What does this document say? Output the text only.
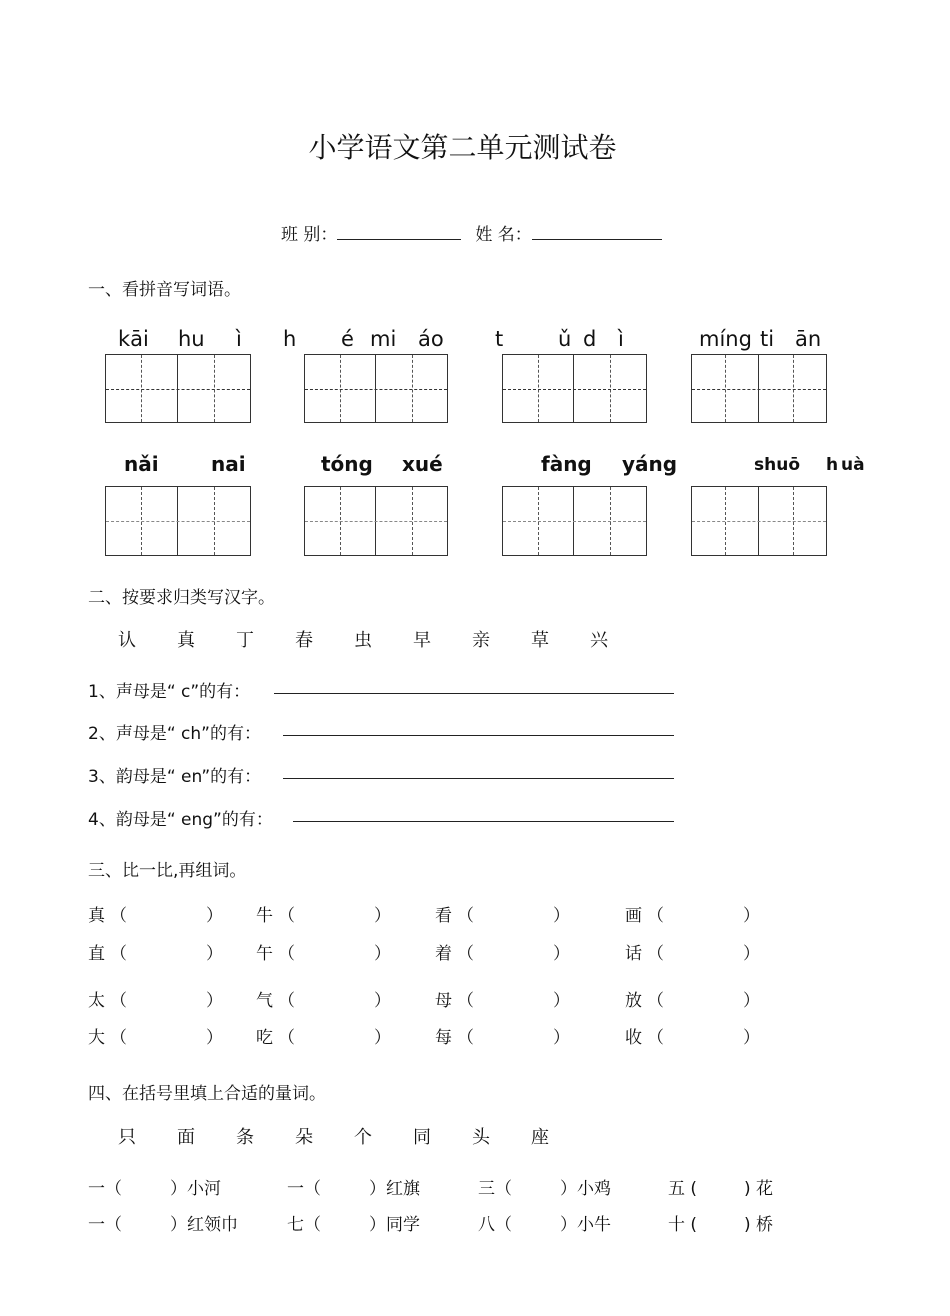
小学语文第二单元测试卷
班 别：	姓 名：
一、看拼音写词语。
kāi hu ì h é mi áo t	ǔ d ì	míng ti ān
nǎi	nai	tóng xué	fàng yáng	shuō h uà
二、按要求归类写汉字。
认	真	丁	春	虫	早	亲	草	兴
1、声母是“ c”的有：
2、声母是“ ch”的有：
3、韵母是“ en”的有：
4、韵母是“ eng”的有：
三、比一比,再组词。
真 （	） 牛 （	）	看 （	）	画 （	）
直 （	） 午 （	）	着 （	）	话 （	）
太 （	） 气 （	）	母 （	）	放 （	）
大 （	） 吃 （	）	每 （	）	收 （	）
四、在括号里填上合适的量词。
只	面	条	朵	个	同	头	座
一（	）小河	一（	）红旗	三（	）小鸡	五 (	) 花
一（	）红领巾	七（	）同学	八（	）小牛	十 (	) 桥
